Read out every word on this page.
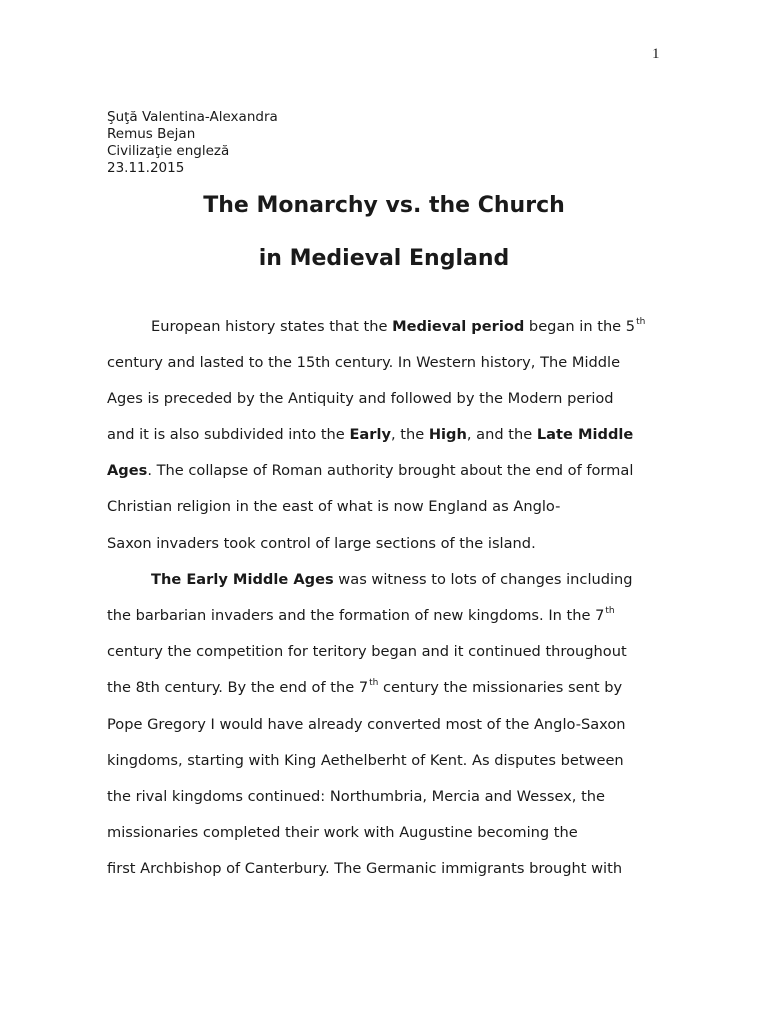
1
Şuţă Valentina-Alexandra
Remus Bejan
Civilizaţie engleză
23.11.2015
The Monarchy vs. the Church
in Medieval England
European history states that the Medieval period began in the 5th
century and lasted to the 15th century. In Western history, The Middle
Ages is preceded by the Antiquity and followed by the Modern period
and it is also subdivided into the Early, the High, and the Late Middle
Ages. The collapse of Roman authority brought about the end of formal
Christian religion in the east of what is now England as Anglo-
Saxon invaders took control of large sections of the island.
The Early Middle Ages was witness to lots of changes including
the barbarian invaders and the formation of new kingdoms. In the 7th
century the competition for teritory began and it continued throughout
the 8th century. By the end of the 7th century the missionaries sent by
Pope Gregory I would have already converted most of the Anglo-Saxon
kingdoms, starting with King Aethelberht of Kent. As disputes between
the rival kingdoms continued: Northumbria, Mercia and Wessex, the
missionaries completed their work with Augustine becoming the
first Archbishop of Canterbury. The Germanic immigrants brought with
